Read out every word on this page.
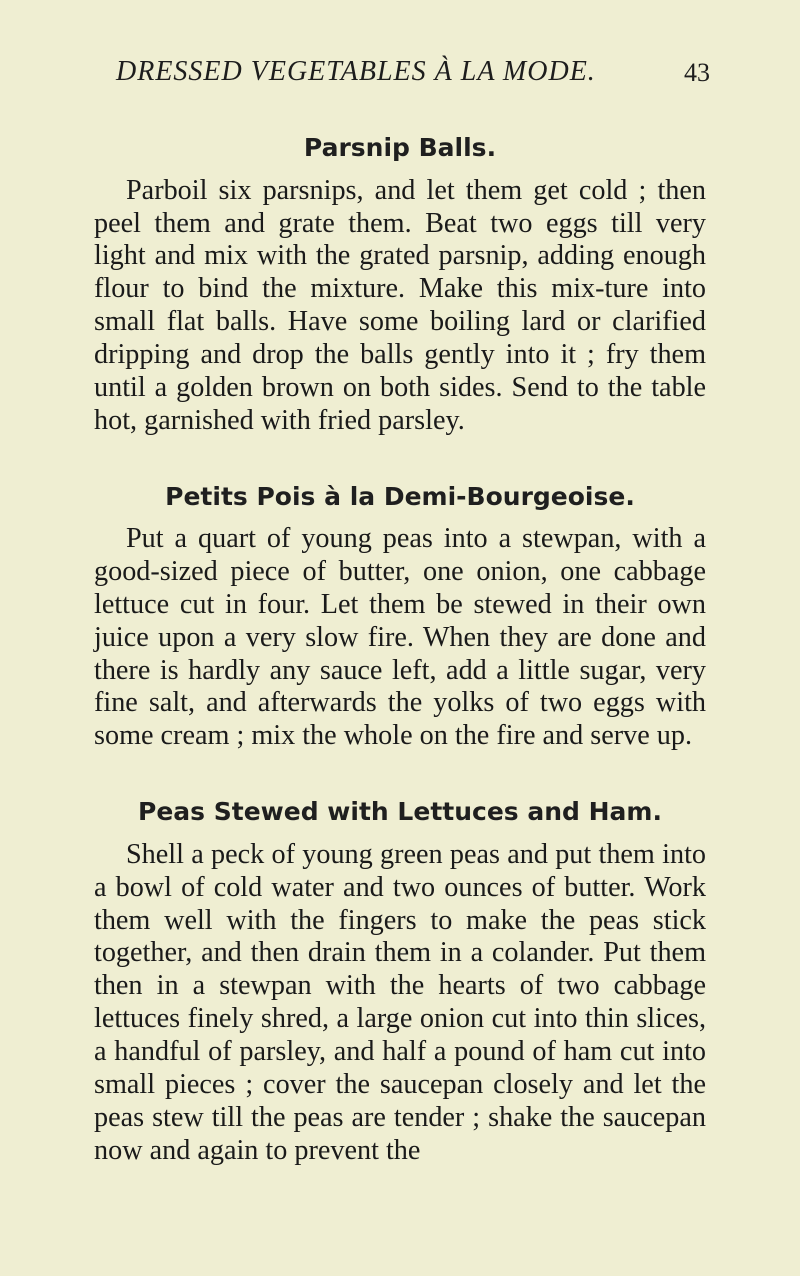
DRESSED VEGETABLES À LA MODE.	43
Parsnip Balls.

Parboil six parsnips, and let them get cold ; then peel them and grate them. Beat two eggs till very light and mix with the grated parsnip, adding enough flour to bind the mixture. Make this mix-ture into small flat balls. Have some boiling lard or clarified dripping and drop the balls gently into it ; fry them until a golden brown on both sides. Send to the table hot, garnished with fried parsley.

Petits Pois à la Demi-Bourgeoise.

Put a quart of young peas into a stewpan, with a good-sized piece of butter, one onion, one cabbage lettuce cut in four. Let them be stewed in their own juice upon a very slow fire. When they are done and there is hardly any sauce left, add a little sugar, very fine salt, and afterwards the yolks of two eggs with some cream ; mix the whole on the fire and serve up.

Peas Stewed with Lettuces and Ham.

Shell a peck of young green peas and put them into a bowl of cold water and two ounces of butter. Work them well with the fingers to make the peas stick together, and then drain them in a colander. Put them then in a stewpan with the hearts of two cabbage lettuces finely shred, a large onion cut into thin slices, a handful of parsley, and half a pound of ham cut into small pieces ; cover the saucepan closely and let the peas stew till the peas are tender ; shake the saucepan now and again to prevent the
